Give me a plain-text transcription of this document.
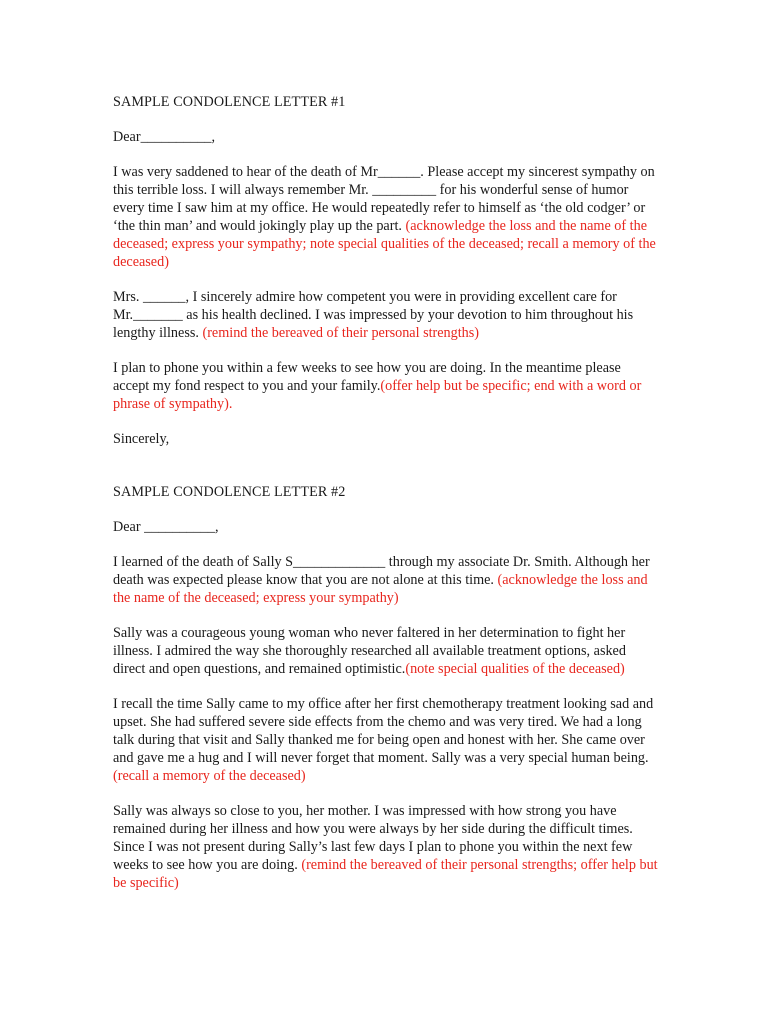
SAMPLE CONDOLENCE LETTER #1

Dear__________,

I was very saddened to hear of the death of Mr______. Please accept my sincerest sympathy on this terrible loss. I will always remember Mr. _________ for his wonderful sense of humor every time I saw him at my office. He would repeatedly refer to himself as ‘the old codger’ or ‘the thin man’ and would jokingly play up the part. (acknowledge the loss and the name of the deceased; express your sympathy; note special qualities of the deceased; recall a memory of the deceased)

Mrs. ______, I sincerely admire how competent you were in providing excellent care for Mr._______ as his health declined. I was impressed by your devotion to him throughout his lengthy illness. (remind the bereaved of their personal strengths)

I plan to phone you within a few weeks to see how you are doing. In the meantime please accept my fond respect to you and your family.(offer help but be specific; end with a word or phrase of sympathy).

Sincerely,

SAMPLE CONDOLENCE LETTER #2

Dear __________,

I learned of the death of Sally S_____________ through my associate Dr. Smith. Although her death was expected please know that you are not alone at this time. (acknowledge the loss and the name of the deceased; express your sympathy)

Sally was a courageous young woman who never faltered in her determination to fight her illness. I admired the way she thoroughly researched all available treatment options, asked direct and open questions, and remained optimistic.(note special qualities of the deceased)

I recall the time Sally came to my office after her first chemotherapy treatment looking sad and upset. She had suffered severe side effects from the chemo and was very tired. We had a long talk during that visit and Sally thanked me for being open and honest with her. She came over and gave me a hug and I will never forget that moment. Sally was a very special human being.(recall a memory of the deceased)

Sally was always so close to you, her mother. I was impressed with how strong you have remained during her illness and how you were always by her side during the difficult times. Since I was not present during Sally’s last few days I plan to phone you within the next few weeks to see how you are doing. (remind the bereaved of their personal strengths; offer help but be specific)
